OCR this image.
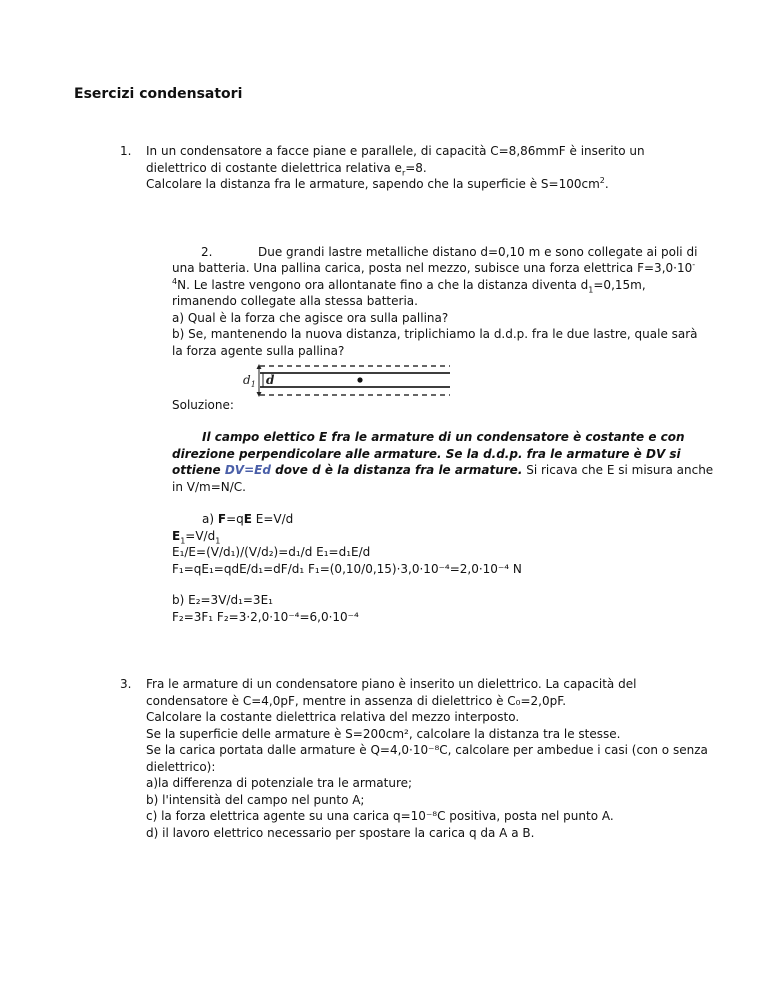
Esercizi condensatori
1. In un condensatore a facce piane e parallele, di capacità C=8,86mmF è inserito un
dielettrico di costante dielettrica relativa $e_r=8$.
Calcolare la distanza fra le armature, sapendo che la superficie è $S=100cm^2$.
2.	Due grandi lastre metalliche distano d=0,10 m e sono collegate ai poli di
una batteria. Una pallina carica, posta nel mezzo, subisce una forza elettrica F=3,0·10-
$^4$N. Le lastre vengono ora allontanate fino a che la distanza diventa $d_1=0,15m$,
rimanendo collegate alla stessa batteria.
a) Qual è la forza che agisce ora sulla pallina?
b) Se, mantenendo la nuova distanza, triplichiamo la d.d.p. fra le due lastre, quale sarà
la forza agente sulla pallina?
$d_1$ d
Soluzione:
Il campo elettico E fra le armature di un condensatore è costante e con
direzione perpendicolare alle armature. Se la d.d.p. fra le armature è DV si
ottiene DV=Ed dove d è la distanza fra le armature. Si ricava che E si misura anche
in V/m=N/C.
a) F=qE E=V/d
$E_1=V/d_1$
E₁/E=(V/d₁)/(V/d₂)=d₁/d E₁=d₁E/d
F₁=qE₁=qdE/d₁=dF/d₁ F₁=(0,10/0,15)·3,0·10⁻⁴=2,0·10⁻⁴ N
b) E₂=3V/d₁=3E₁
F₂=3F₁ F₂=3·2,0·10⁻⁴=6,0·10⁻⁴
3. Fra le armature di un condensatore piano è inserito un dielettrico. La capacità del
condensatore è C=4,0pF, mentre in assenza di dielettrico è C₀=2,0pF.
Calcolare la costante dielettrica relativa del mezzo interposto.
Se la superficie delle armature è S=200cm², calcolare la distanza tra le stesse.
Se la carica portata dalle armature è Q=4,0·10⁻⁸C, calcolare per ambedue i casi (con o senza
dielettrico):
a)la differenza di potenziale tra le armature;
b) l'intensità del campo nel punto A;
c) la forza elettrica agente su una carica q=10⁻⁸C positiva, posta nel punto A.
d) il lavoro elettrico necessario per spostare la carica q da A a B.
